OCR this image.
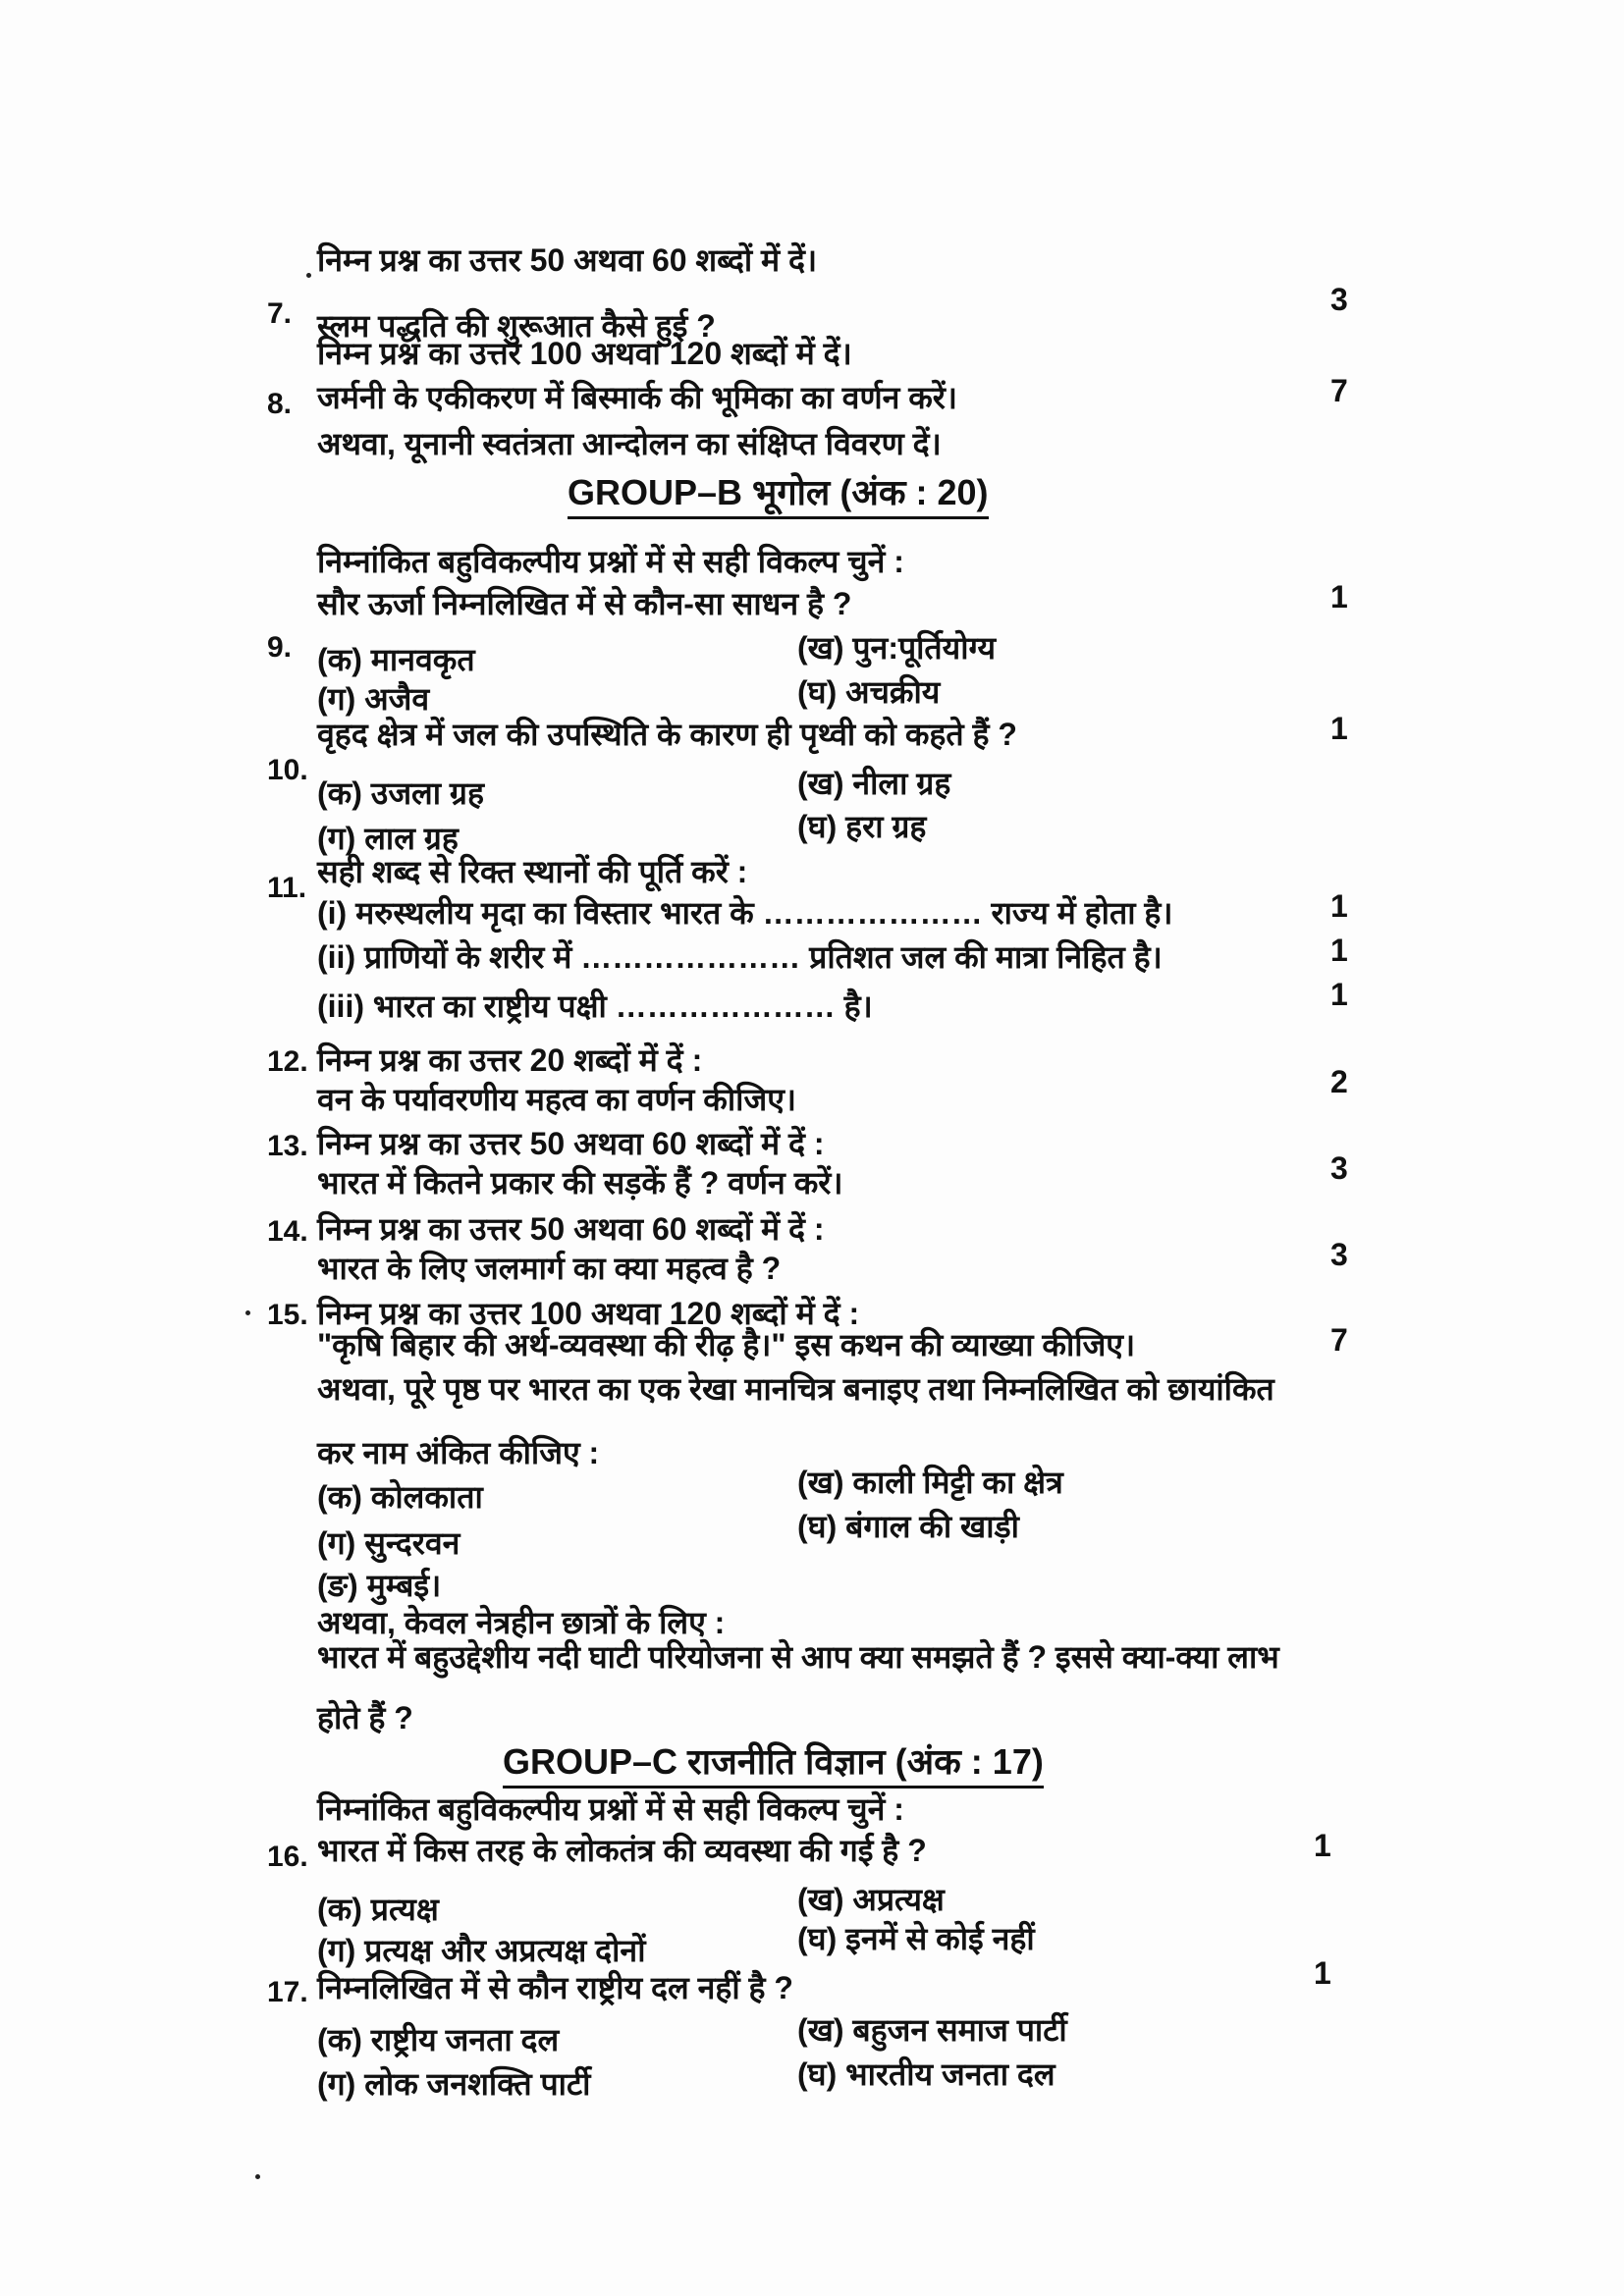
निम्न प्रश्न का उत्तर 50 अथवा 60 शब्दों में दें।
7. स्लम पद्धति की शुरूआत कैसे हुई ?
3
निम्न प्रश्न का उत्तर 100 अथवा 120 शब्दों में दें।
8. जर्मनी के एकीकरण में बिस्मार्क की भूमिका का वर्णन करें।	7
अथवा, यूनानी स्वतंत्रता आन्दोलन का संक्षिप्त विवरण दें।
GROUP–B भूगोल (अंक : 20)
निम्नांकित बहुविकल्पीय प्रश्नों में से सही विकल्प चुनें :
9.
सौर ऊर्जा निम्नलिखित में से कौन-सा साधन है ?	1
(क) मानवकृत	(ख) पुन:पूर्तियोग्य
(ग) अजैव	(घ) अचक्रीय
10.
वृहद क्षेत्र में जल की उपस्थिति के कारण ही पृथ्वी को कहते हैं ?	1
(क) उजला ग्रह	(ख) नीला ग्रह
(ग) लाल ग्रह	(घ) हरा ग्रह
11. सही शब्द से रिक्त स्थानों की पूर्ति करें :
(i) मरुस्थलीय मृदा का विस्तार भारत के ………………… राज्य में होता है।	1
(ii) प्राणियों के शरीर में ………………… प्रतिशत जल की मात्रा निहित है।	1
(iii) भारत का राष्ट्रीय पक्षी ………………… है।	1
12. निम्न प्रश्न का उत्तर 20 शब्दों में दें :
वन के पर्यावरणीय महत्व का वर्णन कीजिए।	2
13. निम्न प्रश्न का उत्तर 50 अथवा 60 शब्दों में दें :
भारत में कितने प्रकार की सड़कें हैं ? वर्णन करें।	3
14. निम्न प्रश्न का उत्तर 50 अथवा 60 शब्दों में दें :
भारत के लिए जलमार्ग का क्या महत्व है ?	3
15. निम्न प्रश्न का उत्तर 100 अथवा 120 शब्दों में दें :
"कृषि बिहार की अर्थ-व्यवस्था की रीढ़ है।" इस कथन की व्याख्या कीजिए।	7
अथवा, पूरे पृष्ठ पर भारत का एक रेखा मानचित्र बनाइए तथा निम्नलिखित को छायांकित
कर नाम अंकित कीजिए :
(क) कोलकाता	(ख) काली मिट्टी का क्षेत्र
(ग) सुन्दरवन	(घ) बंगाल की खाड़ी
(ङ) मुम्बई।
अथवा, केवल नेत्रहीन छात्रों के लिए :
भारत में बहुउद्देशीय नदी घाटी परियोजना से आप क्या समझते हैं ? इससे क्या-क्या लाभ
होते हैं ?
GROUP–C राजनीति विज्ञान (अंक : 17)
निम्नांकित बहुविकल्पीय प्रश्नों में से सही विकल्प चुनें :
16. भारत में किस तरह के लोकतंत्र की व्यवस्था की गई है ?	1
(क) प्रत्यक्ष	(ख) अप्रत्यक्ष
(ग) प्रत्यक्ष और अप्रत्यक्ष दोनों	(घ) इनमें से कोई नहीं
17. निम्नलिखित में से कौन राष्ट्रीय दल नहीं है ?	1
(क) राष्ट्रीय जनता दल	(ख) बहुजन समाज पार्टी
(ग) लोक जनशक्ति पार्टी	(घ) भारतीय जनता दल
